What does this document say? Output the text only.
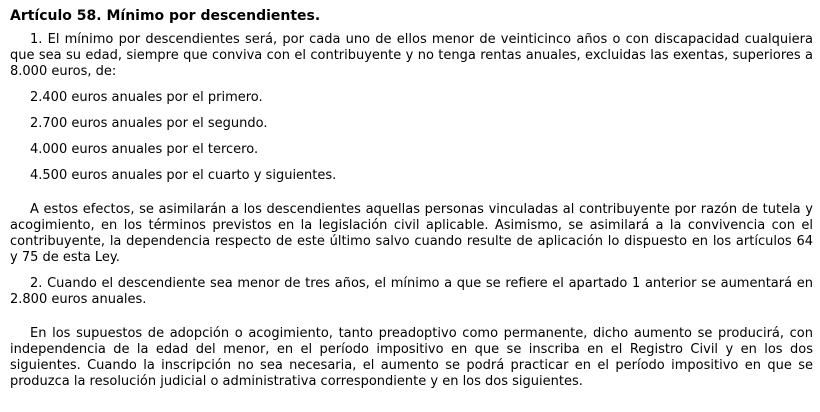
Artículo 58. Mínimo por descendientes.

1. El mínimo por descendientes será, por cada uno de ellos menor de veinticinco años o con discapacidad cualquiera que sea su edad, siempre que conviva con el contribuyente y no tenga rentas anuales, excluidas las exentas, superiores a 8.000 euros, de:

2.400 euros anuales por el primero.

2.700 euros anuales por el segundo.

4.000 euros anuales por el tercero.

4.500 euros anuales por el cuarto y siguientes.

A estos efectos, se asimilarán a los descendientes aquellas personas vinculadas al contribuyente por razón de tutela y acogimiento, en los términos previstos en la legislación civil aplicable. Asimismo, se asimilará a la convivencia con el contribuyente, la dependencia respecto de este último salvo cuando resulte de aplicación lo dispuesto en los artículos 64 y 75 de esta Ley.

2. Cuando el descendiente sea menor de tres años, el mínimo a que se refiere el apartado 1 anterior se aumentará en 2.800 euros anuales.

En los supuestos de adopción o acogimiento, tanto preadoptivo como permanente, dicho aumento se producirá, con independencia de la edad del menor, en el período impositivo en que se inscriba en el Registro Civil y en los dos siguientes. Cuando la inscripción no sea necesaria, el aumento se podrá practicar en el período impositivo en que se produzca la resolución judicial o administrativa correspondiente y en los dos siguientes.
